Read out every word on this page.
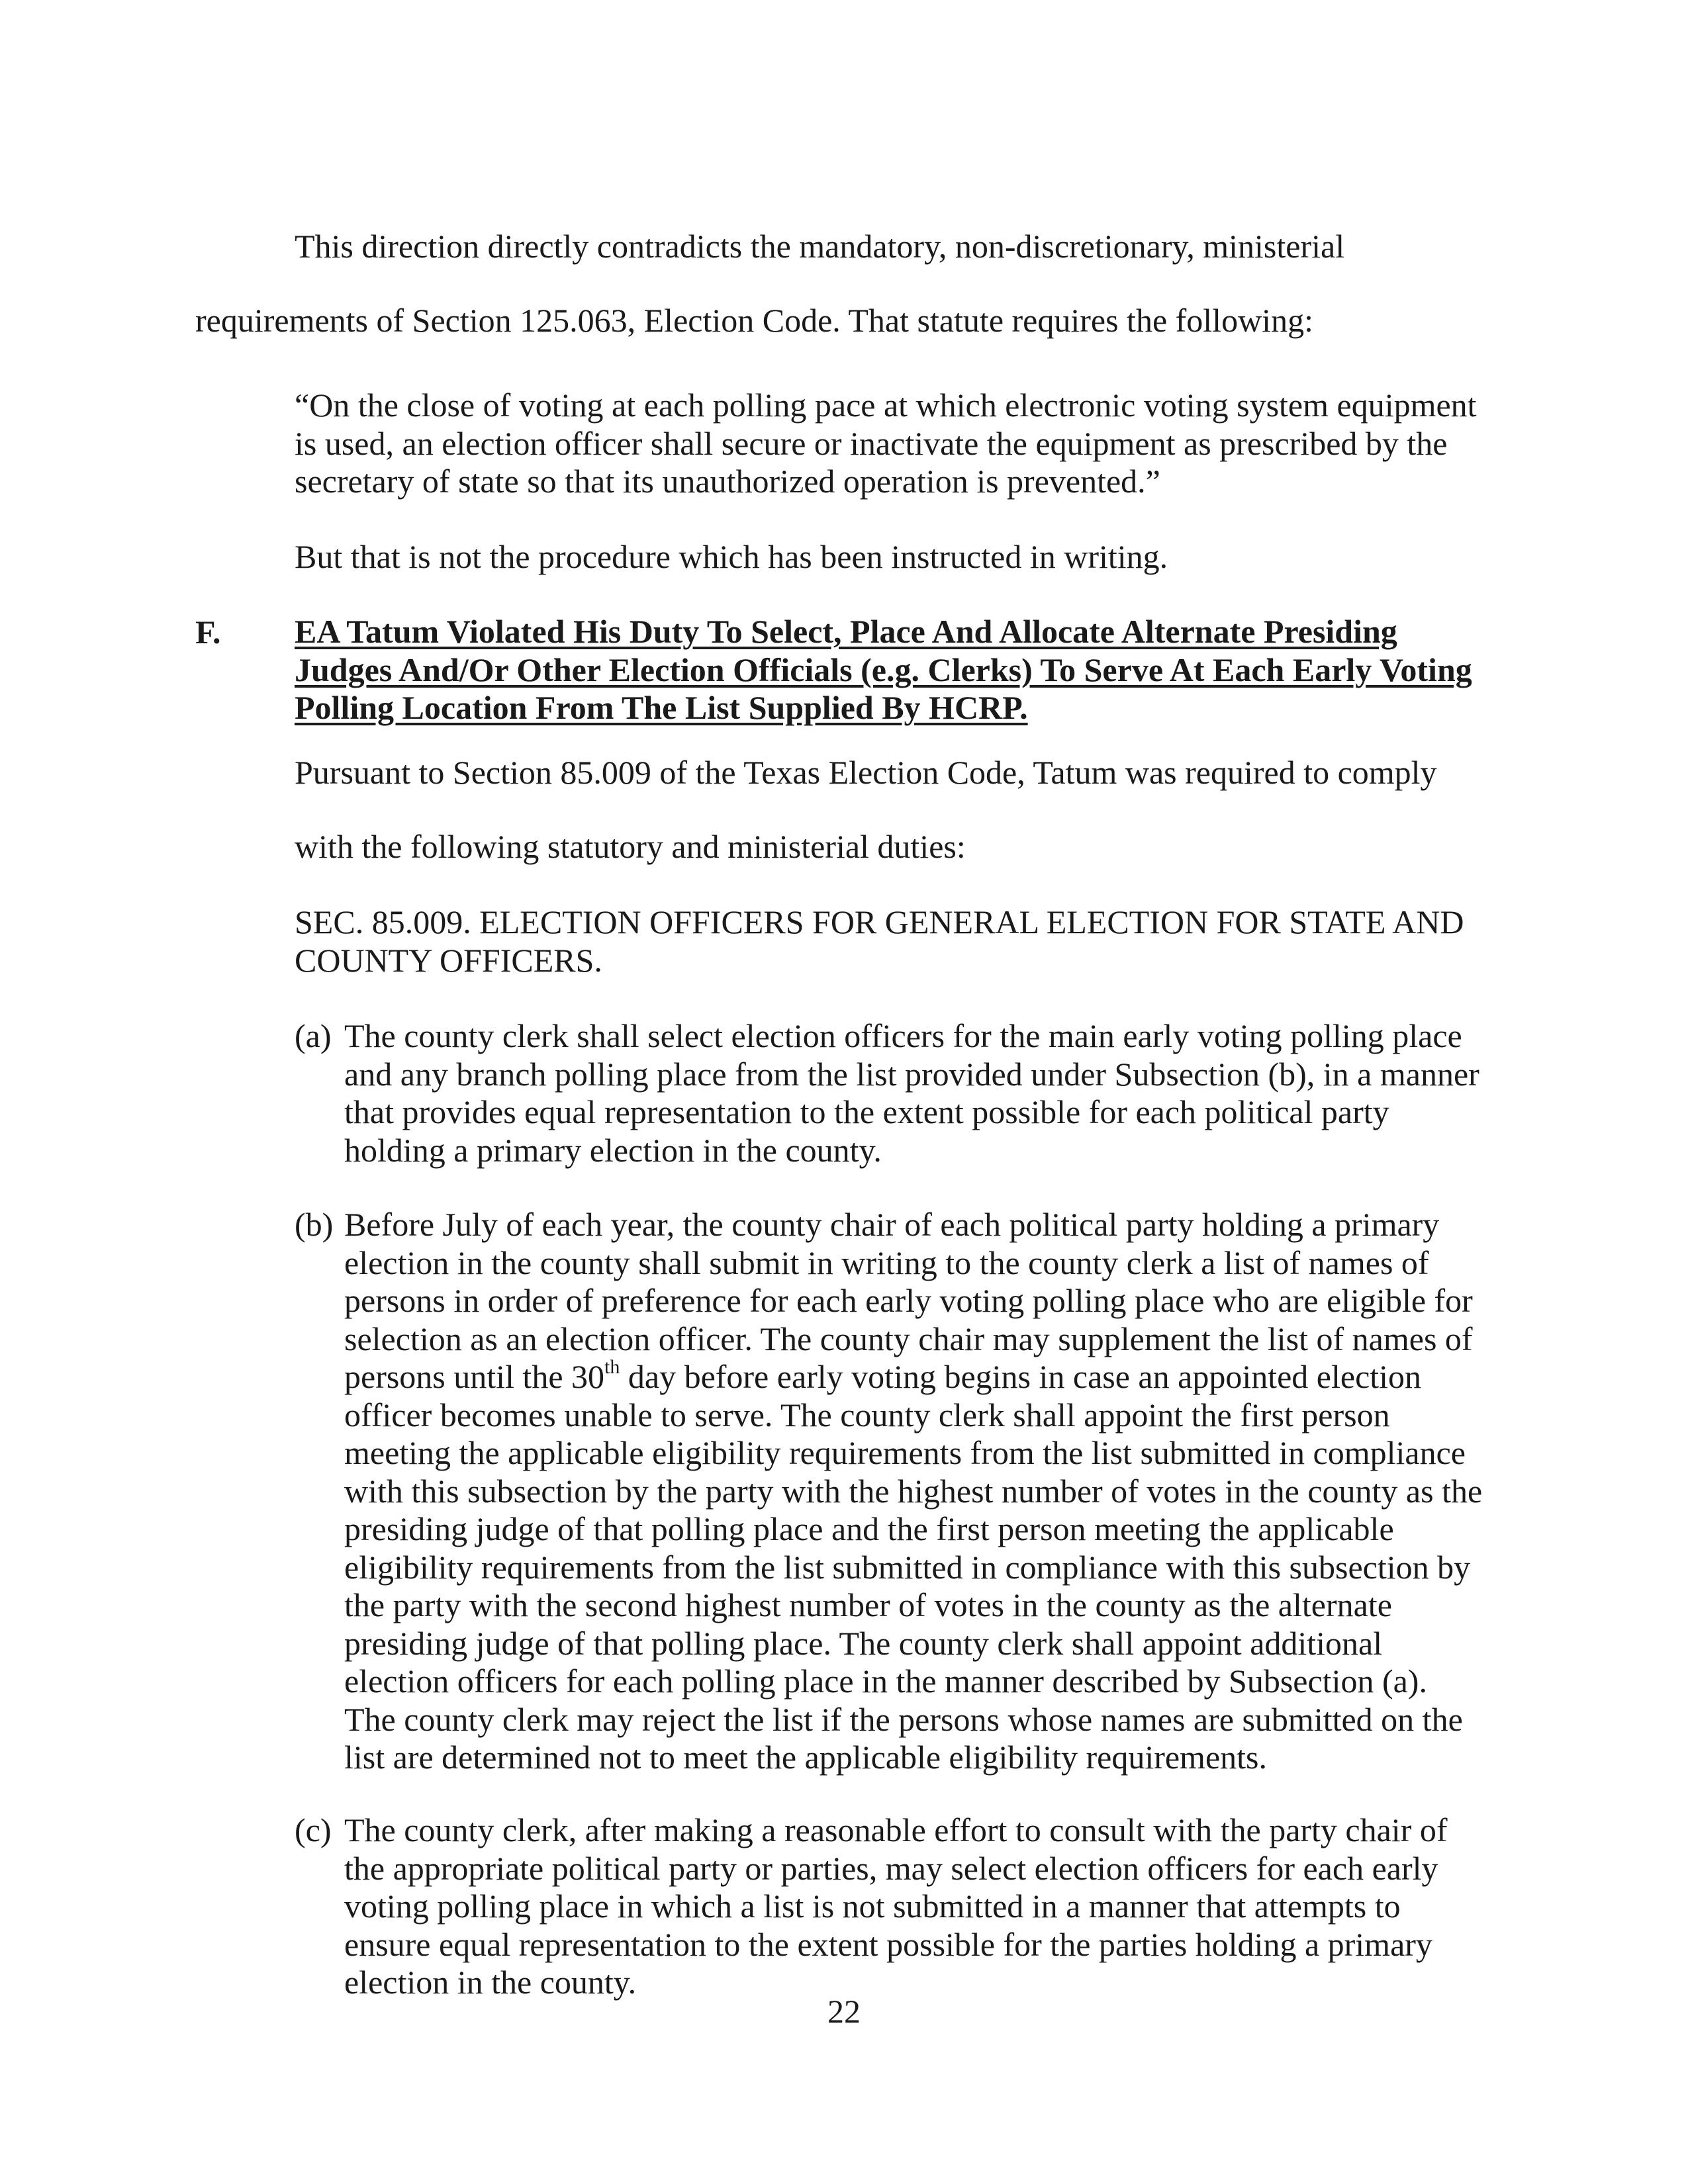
This direction directly contradicts the mandatory, non-discretionary, ministerial
requirements of Section 125.063, Election Code. That statute requires the following:
“On the close of voting at each polling pace at which electronic voting system equipment is used, an election officer shall secure or inactivate the equipment as prescribed by the secretary of state so that its unauthorized operation is prevented.”
But that is not the procedure which has been instructed in writing.
F. EA Tatum Violated His Duty To Select, Place And Allocate Alternate Presiding Judges And/Or Other Election Officials (e.g. Clerks) To Serve At Each Early Voting Polling Location From The List Supplied By HCRP.
Pursuant to Section 85.009 of the Texas Election Code, Tatum was required to comply
with the following statutory and ministerial duties:
SEC. 85.009. ELECTION OFFICERS FOR GENERAL ELECTION FOR STATE AND COUNTY OFFICERS.
(a) The county clerk shall select election officers for the main early voting polling place and any branch polling place from the list provided under Subsection (b), in a manner that provides equal representation to the extent possible for each political party holding a primary election in the county.
(b) Before July of each year, the county chair of each political party holding a primary election in the county shall submit in writing to the county clerk a list of names of persons in order of preference for each early voting polling place who are eligible for selection as an election officer. The county chair may supplement the list of names of persons until the 30th day before early voting begins in case an appointed election officer becomes unable to serve. The county clerk shall appoint the first person meeting the applicable eligibility requirements from the list submitted in compliance with this subsection by the party with the highest number of votes in the county as the presiding judge of that polling place and the first person meeting the applicable eligibility requirements from the list submitted in compliance with this subsection by the party with the second highest number of votes in the county as the alternate presiding judge of that polling place. The county clerk shall appoint additional election officers for each polling place in the manner described by Subsection (a). The county clerk may reject the list if the persons whose names are submitted on the list are determined not to meet the applicable eligibility requirements.
(c) The county clerk, after making a reasonable effort to consult with the party chair of the appropriate political party or parties, may select election officers for each early voting polling place in which a list is not submitted in a manner that attempts to ensure equal representation to the extent possible for the parties holding a primary election in the county.
22
